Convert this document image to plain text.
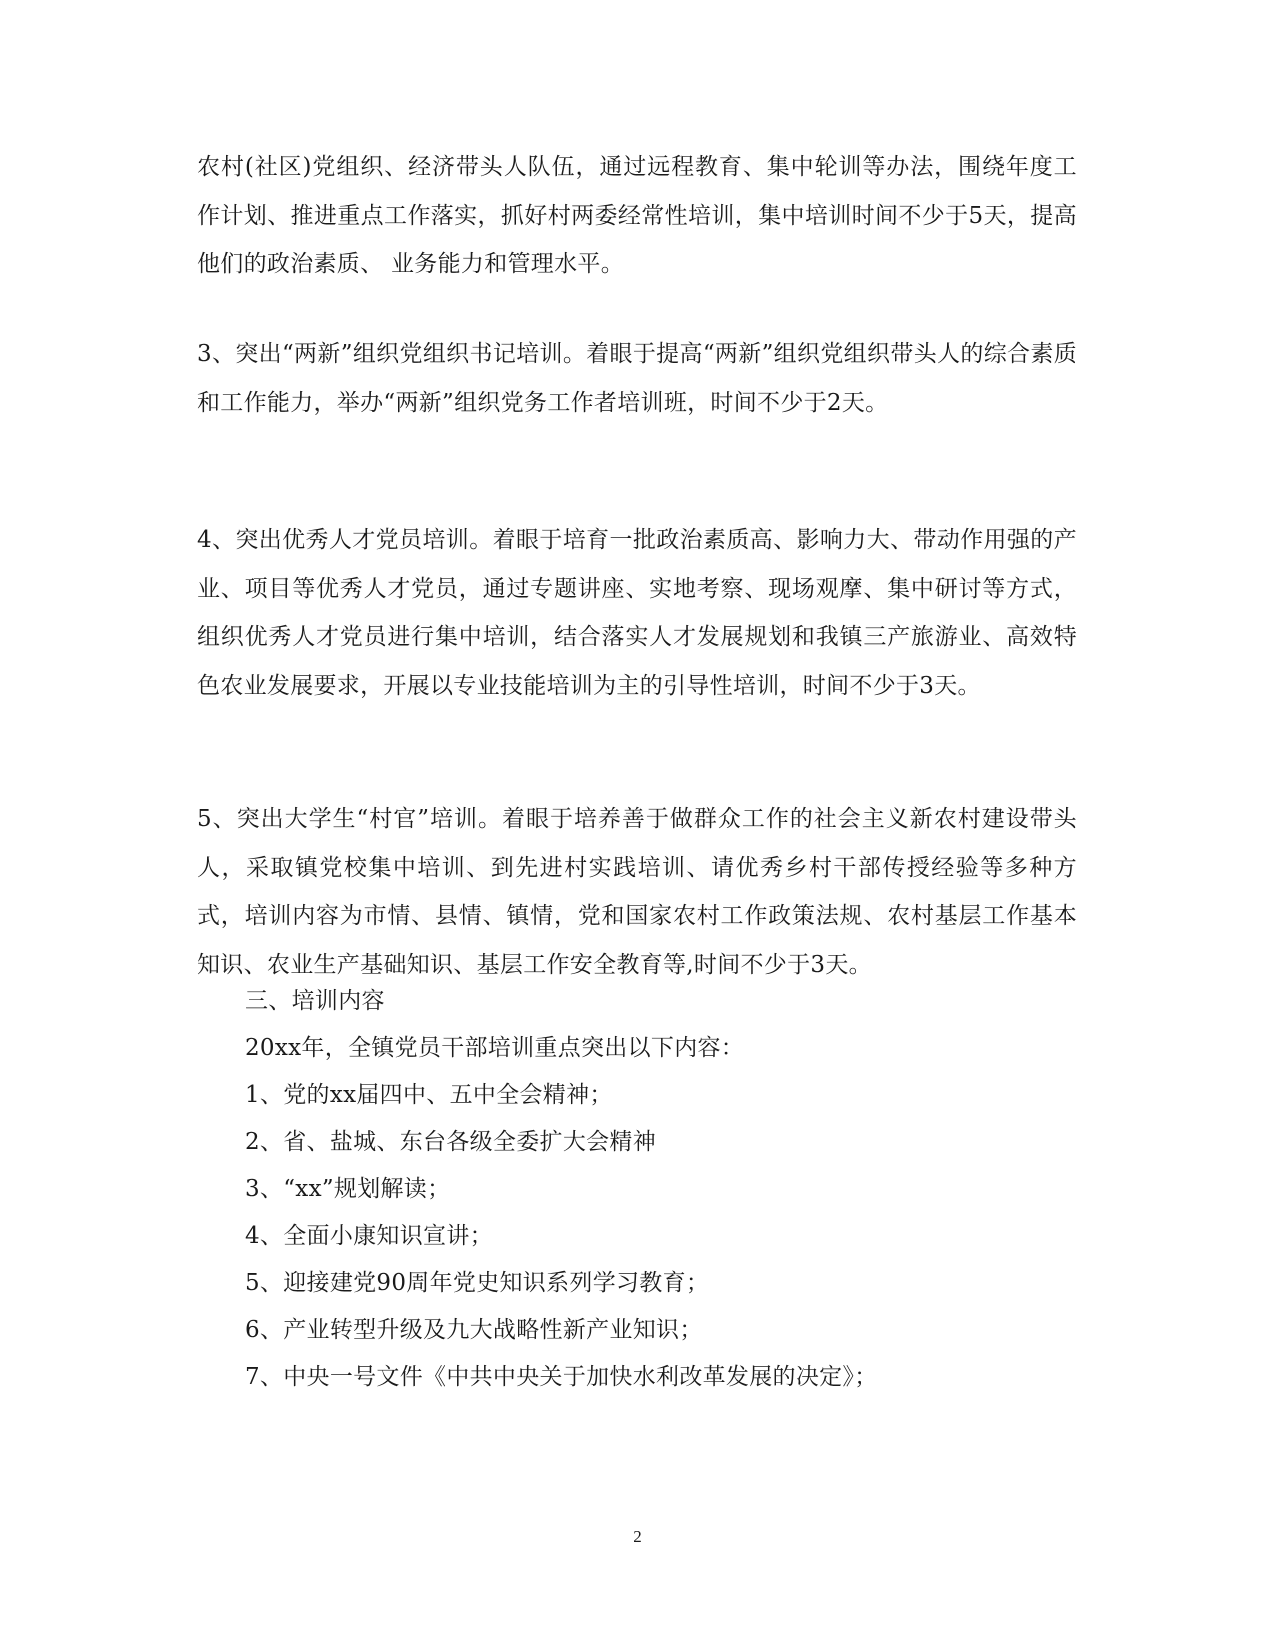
农村(社区)党组织、经济带头人队伍，通过远程教育、集中轮训等办法，围绕年度工作计划、推进重点工作落实，抓好村两委经常性培训，集中培训时间不少于5天，提高他们的政治素质、 业务能力和管理水平。

3、突出“两新”组织党组织书记培训。着眼于提高“两新”组织党组织带头人的综合素质和工作能力，举办“两新”组织党务工作者培训班，时间不少于2天。

4、突出优秀人才党员培训。着眼于培育一批政治素质高、影响力大、带动作用强的产业、项目等优秀人才党员，通过专题讲座、实地考察、现场观摩、集中研讨等方式，组织优秀人才党员进行集中培训，结合落实人才发展规划和我镇三产旅游业、高效特色农业发展要求，开展以专业技能培训为主的引导性培训，时间不少于3天。

5、突出大学生“村官”培训。着眼于培养善于做群众工作的社会主义新农村建设带头人，采取镇党校集中培训、到先进村实践培训、请优秀乡村干部传授经验等多种方式，培训内容为市情、县情、镇情，党和国家农村工作政策法规、农村基层工作基本知识、农业生产基础知识、基层工作安全教育等,时间不少于3天。

三、培训内容

20xx年，全镇党员干部培训重点突出以下内容：

1、党的xx届四中、五中全会精神；

2、省、盐城、东台各级全委扩大会精神

3、“xx”规划解读；

4、全面小康知识宣讲；

5、迎接建党90周年党史知识系列学习教育；

6、产业转型升级及九大战略性新产业知识；

7、中央一号文件《中共中央关于加快水利改革发展的决定》；

2
